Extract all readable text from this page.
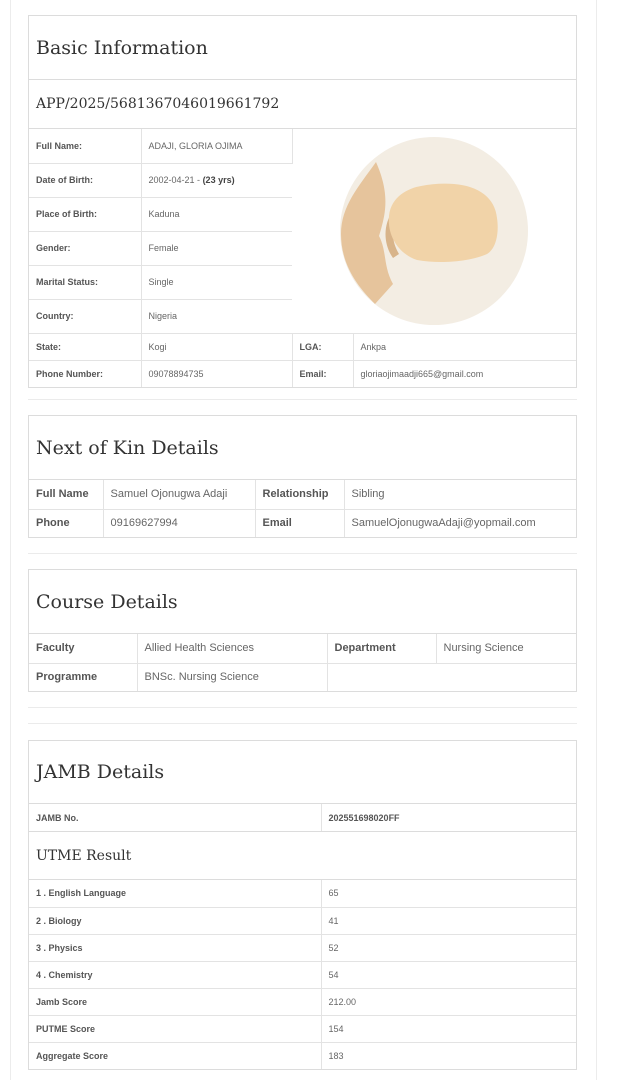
Basic Information
APP/2025/5681367046019661792
Full Name:	ADAJI, GLORIA OJIMA	

Date of Birth:	2002-04-21 - (23 yrs)		
Place of Birth:	Kaduna		
Gender:	Female		
Marital Status:	Single		
Country:	Nigeria		
State:	Kogi	LGA:	Ankpa
Phone Number:	09078894735	Email:	gloriaojimaadji665@gmail.com
Next of Kin Details
Full Name	Samuel Ojonugwa Adaji	Relationship	Sibling
Phone	09169627994	Email	SamuelOjonugwaAdaji@yopmail.com
Course Details
Faculty	Allied Health Sciences	Department	Nursing Science
Programme	BNSc. Nursing Science		
JAMB Details
JAMB No.	202551698020FF
UTME Result
1 . English Language	65
2 . Biology	41
3 . Physics	52
4 . Chemistry	54
Jamb Score	212.00
PUTME Score	154
Aggregate Score	183
